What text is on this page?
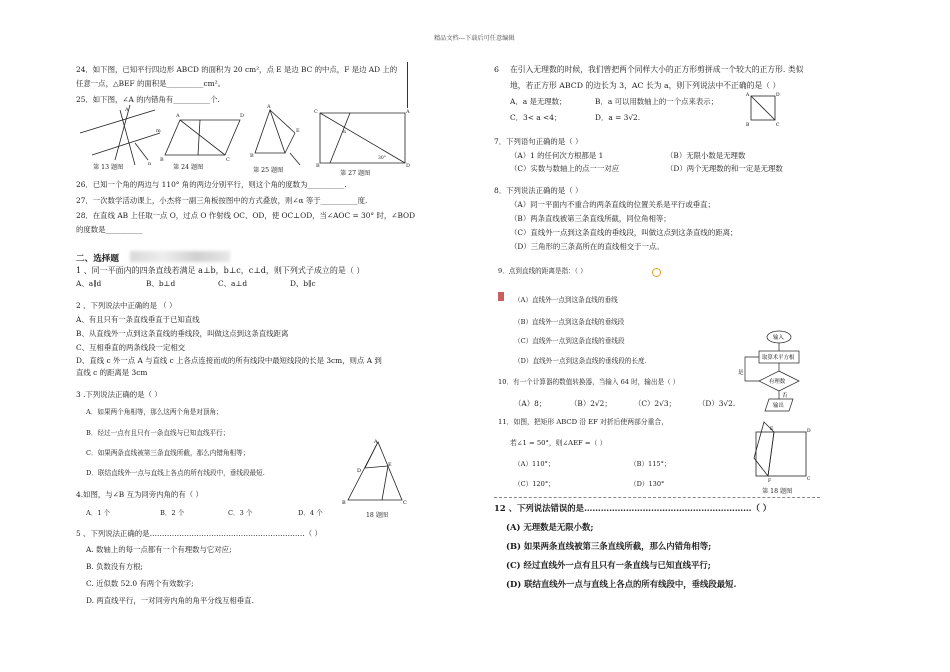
精品文档---下载后可任意编辑
24．如下图，已知平行四边形 ABCD 的面积为 20 cm²，点 E 是边 BC 的中点，F 是边 AD 上的
任意一点，△BEF 的面积是__________cm²。
25．如下图，∠A 的内错角有__________个.
A
m
n
A	D
B	C
A
B
E
C	A
B	D
α
30°
第 13 题图	第 24 题图	第 25 题图	第 27 题图
26．已知一个角的两边与 110° 角的两边分别平行，则这个角的度数为__________.
27．一次数学活动课上，小杰将一副三角板按图中的方式叠放，则∠α 等于__________度.
28．在直线 AB 上任取一点 O，过点 O 作射线 OC、OD，使 OC⊥OD，当∠AOC = 30° 时，∠BOD
的度数是__________
二、选择题
1 、同一平面内的四条直线若满足 a⊥b，b⊥c，c⊥d，则下列式子成立的是（ ）
A、a∥d	B、b⊥d	C、a⊥d	D、b∥c
2 、下列说法中正确的是 （ ）
A、有且只有一条直线垂直于已知直线
B、从直线外一点到这条直线的垂线段，叫做这点到这条直线距离
C、互相垂直的两条线段一定相交
D、直线 c 外一点 A 与直线 c 上各点连接而成的所有线段中最短线段的长是 3cm，则点 A 到
直线 c 的距离是 3cm
3 .下列说法正确的是（ ）
A．如果两个角相等，那么这两个角是对顶角；
B．经过一点有且只有一条直线与已知直线平行；
C．如果两条直线被第三条直线所截，那么内错角相等；
D．联结直线外一点与直线上各点的所有线段中，垂线段最短.
A
E
D
B	C
4.如图，与∠B 互为同旁内角的有（ ）
A．1 个	B．2 个	C．3 个	D．4 个	18 题图
5 、下列说法正确的是………………………………………………………（ ）
A. 数轴上的每一点都有一个有理数与它对应;
B. 负数没有方根;
C. 近似数 52.0 有两个有效数字;
D. 两直线平行，一对同旁内角的角平分线互相垂直.
6 在引入无理数的时候，我们曾把两个同样大小的正方形剪拼成一个较大的正方形. 类似
地，若正方形 ABCD 的边长为 3，AC 长为 a，则下列说法中不正确的是（ ）
A．a 是无理数；	B．a 可以用数轴上的一个点来表示；
C．3< a <4；	D．a = 3√2.
A	D
B	C
7．下列语句正确的是（ ）
（A）1 的任何次方根都是 1	（B）无限小数是无理数
（C）实数与数轴上的点一一对应	（D）两个无理数的和一定是无理数
8．下列说法正确的是（ ）
（A）同一平面内不重合的两条直线的位置关系是平行或垂直；
（B）两条直线被第三条直线所截，同位角相等；
（C）直线外一点到这条直线的垂线段，叫做这点到这条直线的距离；
（D）三角形的三条高所在的直线相交于一点。
9．点到直线的距离是指：（ ）
（A）直线外一点到这条直线的垂线
（B）直线外一点到这条直线的垂线段
（C）直线外一点到这条直线的垂线段
（D）直线外一点到这条直线的垂线段的长度.
输入
取算术平方根
是
有理数
否
输出
10．有一个计算器的数值转换器，当输入 64 时，输出是（ ）
（A）8；	（B）2√2；	（C）2√3；	（D）3√2.
11．如图，把矩形 ABCD 沿 EF 对折后使两部分重合，
若∠1 = 50°，则∠AEF =（ ）
（A）110°；	（B）115°；
（C）120°；	（D）130°
E	D
C
F
第 18 题图
12 、下列说法错误的是……………………………………………………（ ）
(A) 无理数是无限小数;
(B) 如果两条直线被第三条直线所截，那么内错角相等;
(C) 经过直线外一点有且只有一条直线与已知直线平行;
(D) 联结直线外一点与直线上各点的所有线段中，垂线段最短.
